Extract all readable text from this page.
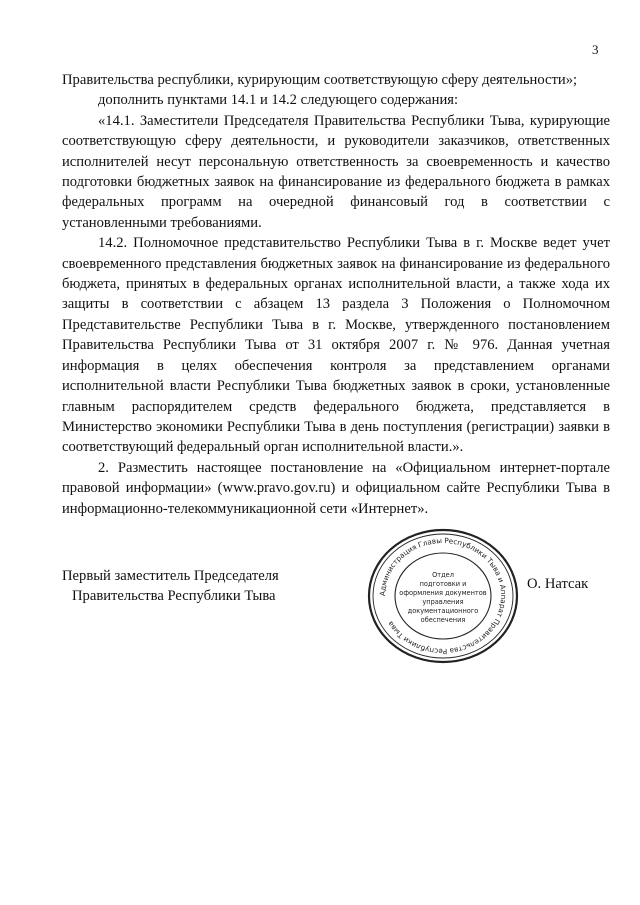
3

Правительства республики, курирующим соответствующую сферу деятельности»;

дополнить пунктами 14.1 и 14.2 следующего содержания:

«14.1. Заместители Председателя Правительства Республики Тыва, курирующие соответствующую сферу деятельности, и руководители заказчиков, ответственных исполнителей несут персональную ответственность за своевременность и качество подготовки бюджетных заявок на финансирование из федерального бюджета в рамках федеральных программ на очередной финансовый год в соответствии с установленными требованиями.

14.2. Полномочное представительство Республики Тыва в г. Москве ведет учет своевременного представления бюджетных заявок на финансирование из федерального бюджета, принятых в федеральных органах исполнительной власти, а также хода их защиты в соответствии с абзацем 13 раздела 3 Положения о Полномочном Представительстве Республики Тыва в г. Москве, утвержденного постановлением Правительства Республики Тыва от 31 октября 2007 г. № 976. Данная учетная информация в целях обеспечения контроля за представлением органами исполнительной власти Республики Тыва бюджетных заявок в сроки, установленные главным распорядителем средств федерального бюджета, представляется в Министерство экономики Республики Тыва в день поступления (регистрации) заявки в соответствующий федеральный орган исполнительной власти.».

2. Разместить настоящее постановление на «Официальном интернет-портале правовой информации» (www.pravo.gov.ru) и официальном сайте Республики Тыва в информационно-телекоммуникационной сети «Интернет».

Первый заместитель Председателя
Правительства Республики Тыва
О. Натсак
Администрация Главы Республики Тыва и Аппарат Правительства Республики Тыва
Отдел
подготовки и
оформления документов
управления
документационного
обеспечения
